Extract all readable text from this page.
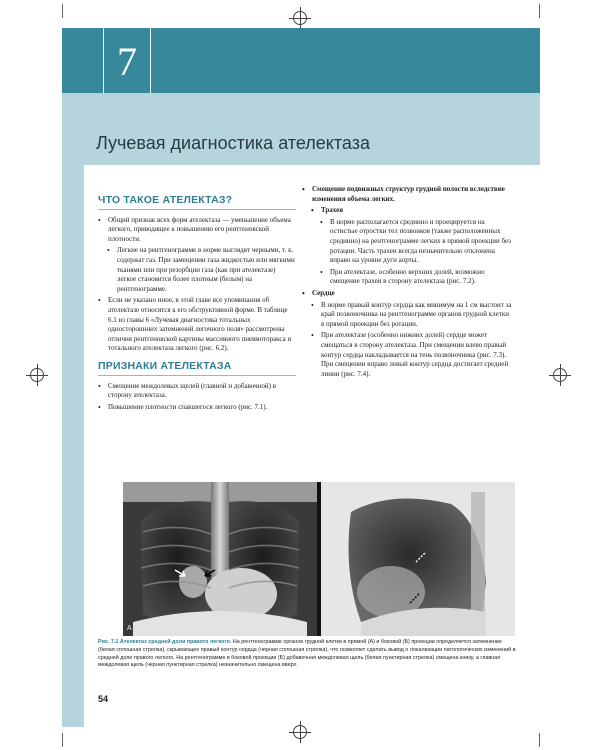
7
Лучевая диагностика ателектаза
ЧТО ТАКОЕ АТЕЛЕКТАЗ?
• Общий признак всех форм ателектаза — уменьшение объема легкого, приводящее к повышению его рентгеновской плотности.
• Легкие на рентгенограмме в норме выглядят черными, т. к. содержат газ. При замещении газа жидкостью или мягкими тканями или при резорбции газа (как при ателектазе) легкое становится более плотным (белым) на рентгенограмме.
• Если не указано иное, в этой главе все упоминания об ателектазе относятся к его обструктивной форме. В таблице 6.1 из главы 6 «Лучевая диагностика тотальных одностороннних затемнений легочного поля» рассмотрены отличия рентгеновской картины массивного пневмоторакса и тотального ателектаза легкого (рис. 6.2).
ПРИЗНАКИ АТЕЛЕКТАЗА
• Смещение междолевых щелей (главной и добавочной) в сторону ателектаза.
• Повышение плотности спавшегося легкого (рис. 7.1).
• Смещение подвижных структур грудной полости вследствие изменения объема легких.
• Трахея
• В норме располагается срединно и проецируется на остистые отростки тел позвонков (также расположенных срединно) на рентгенограмме легких в прямой проекции без ротации. Часть трахеи всегда незначительно отклонена вправо на уровне дуги аорты.
• При ателектазе, особенно верхних долей, возможно смещение трахеи в сторону ателектаза (рис. 7.2).
• Сердце
• В норме правый контур сердца как минимум на 1 см выстоит за край позвоночника на рентгенограмме органов грудной клетки в прямой проекции без ротации.
• При ателектазе (особенно нижних долей) сердце может смещаться в сторону ателектаза. При смещении влево правый контур сердца накладывается на тень позвоночника (рис. 7.3). При смещении вправо левый контур сердца достигает средней линии (рис. 7.4).
А	Б
Рис. 7.1 Ателектаз средней доли правого легкого. На рентгенограмме органов грудной клетки в прямой (А) и боковой (Б) проекции определяется затемнение (белая сплошная стрелка), скрывающее правый контур сердца (черная сплошная стрелка), что позволяет сделать вывод о локализации патологических изменений в средней доле правого легкого. На рентгенограмме в боковой проекции (Б) добавочная междолевая щель (белая пунктирная стрелка) смещена книзу, а главная междолевая щель (черная пунктирная стрелка) незначительно смещена вверх.
54
